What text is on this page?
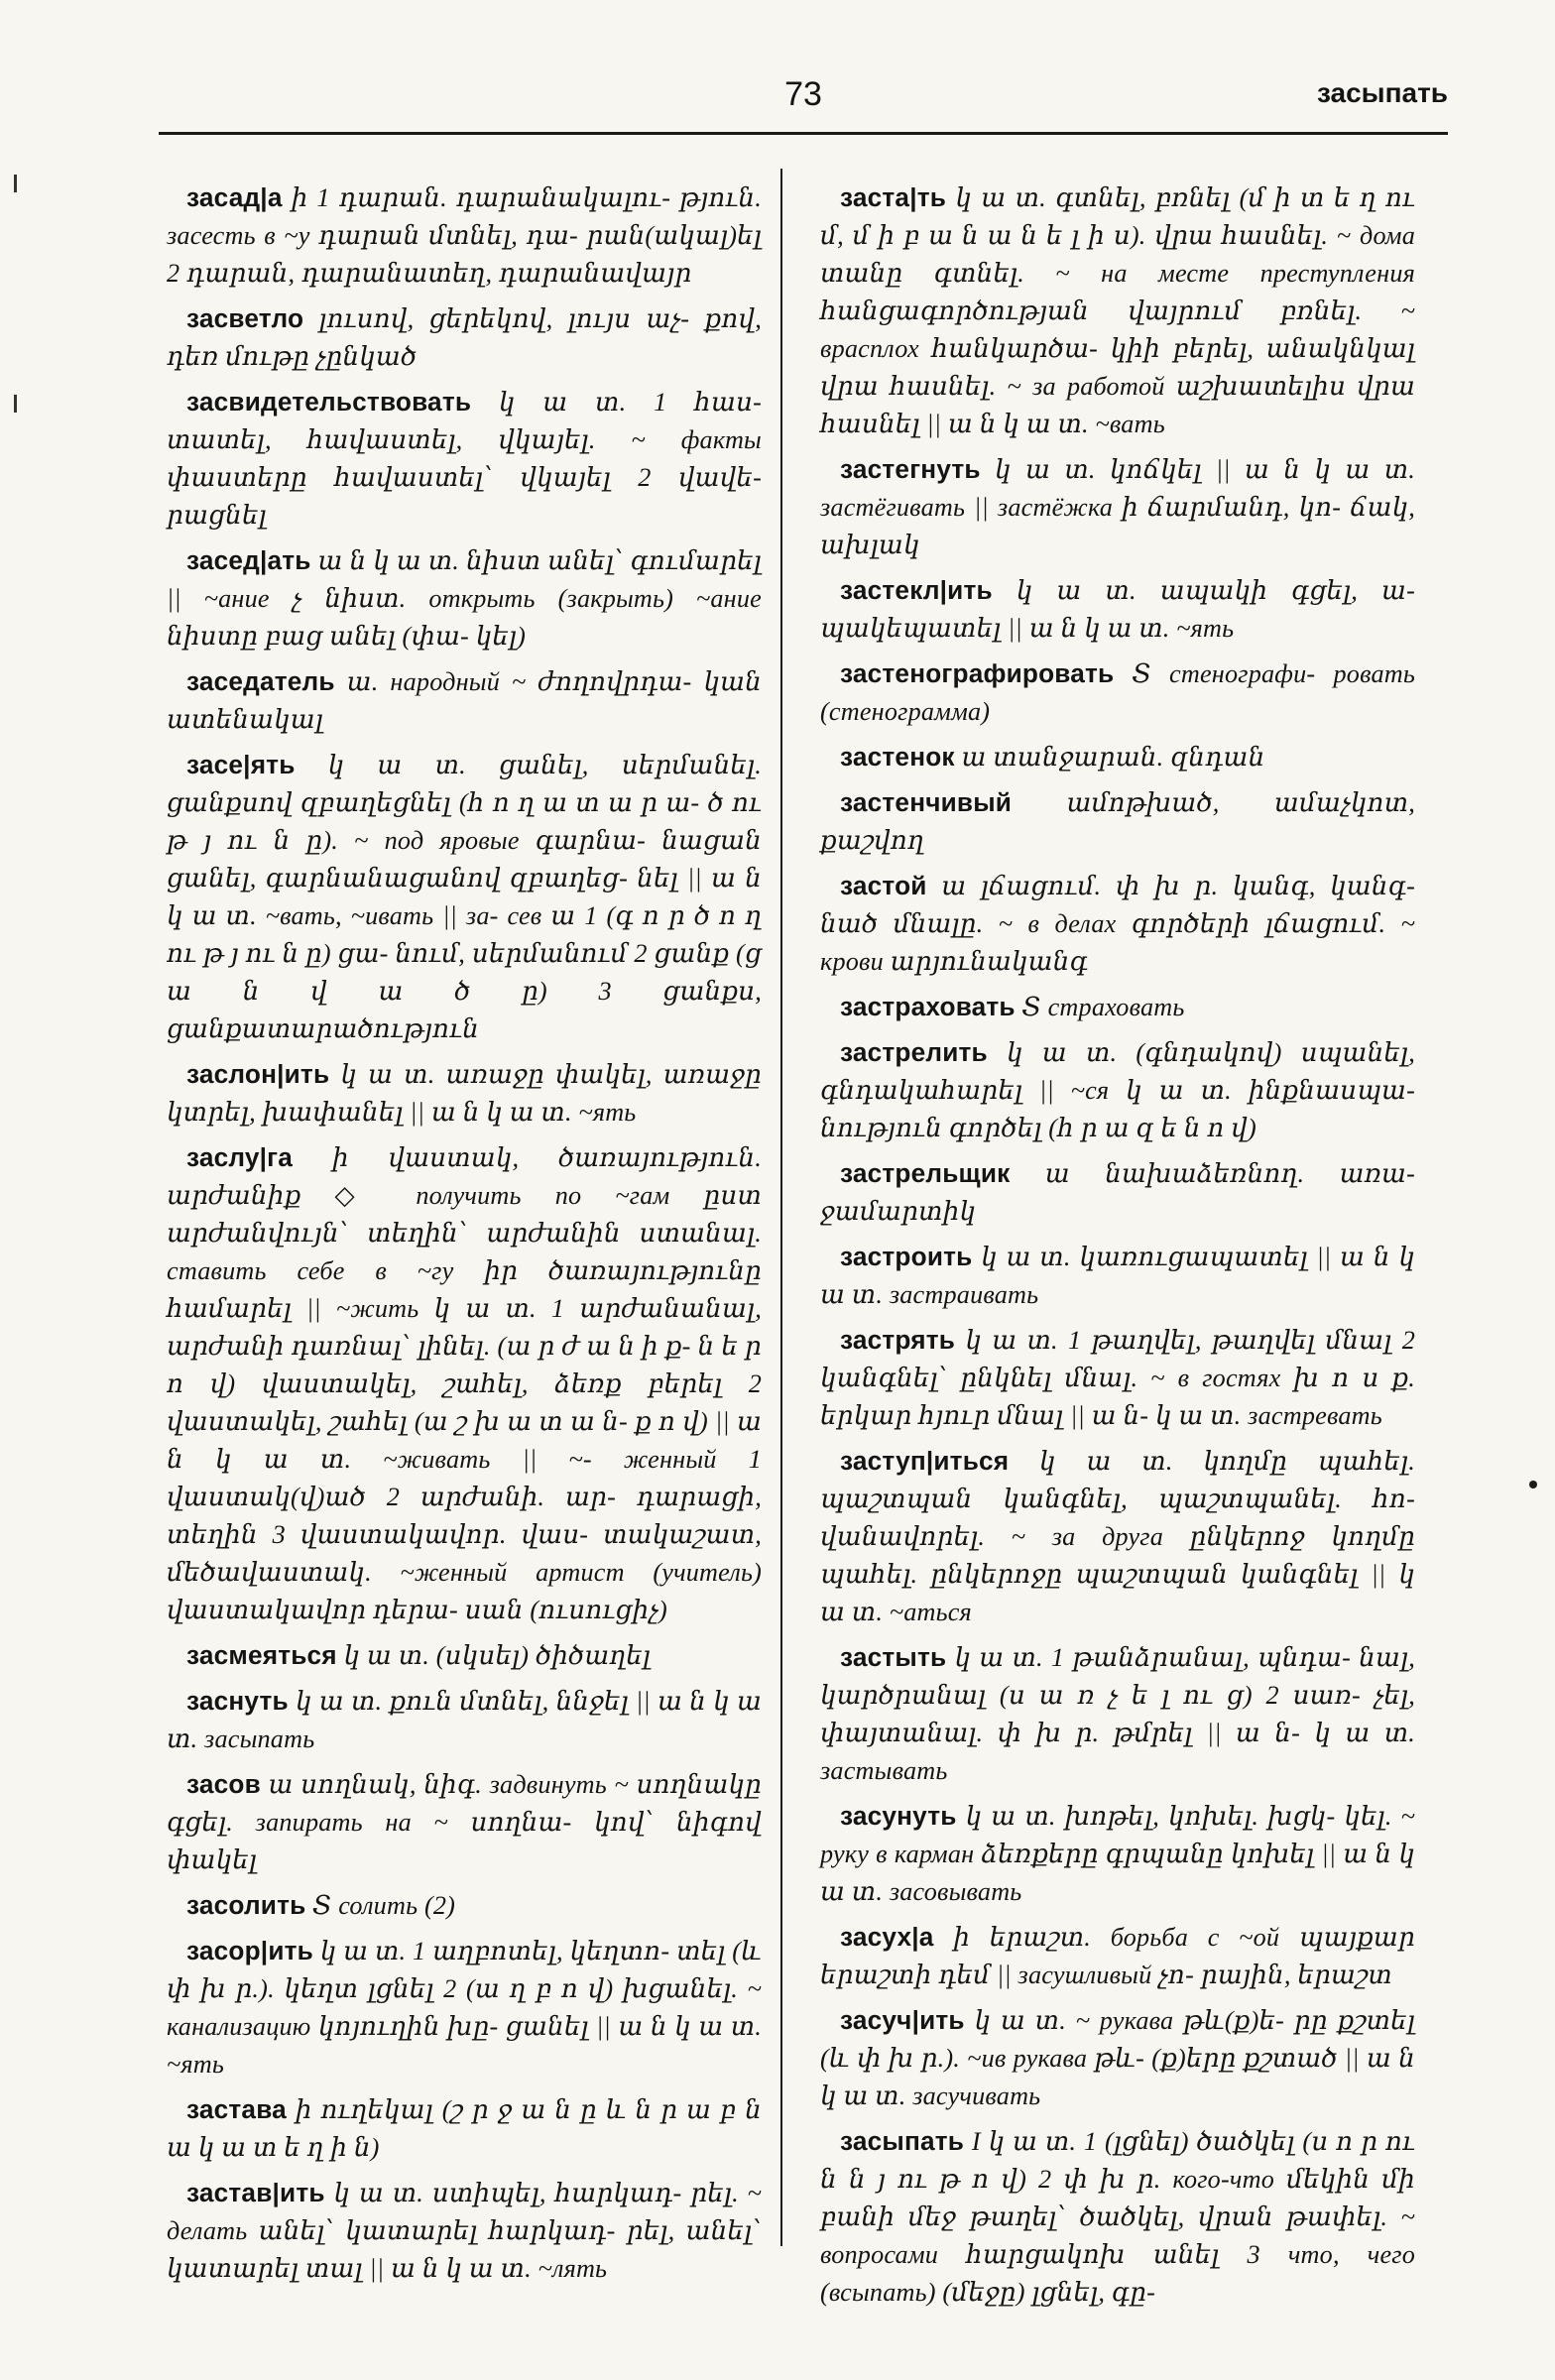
73	засыпать

засад|а ի 1 դարան. դարանակալու- թյուն. засесть в ~у դարան մտնել, դա- րան(ակալ)ել 2 դարան, դարանատեղ, դարանավայր

засветло լուսով, ցերեկով, լույս աչ- քով, դեռ մութը չընկած

засвидетельствовать կ ա տ. 1 հաս- տատել, հավաստել, վկայել. ~ факты փաստերը հավաստել՝ վկայել 2 վավե- րացնել

засед|ать ա ն կ ա տ. նիստ անել՝ գումարել || ~ание չ նիստ. открыть (закрыть) ~ание նիստը բաց անել (փա- կել)

заседатель ա. народный ~ ժողովրդա- կան ատենակալ

засе|ять կ ա տ. ցանել, սերմանել. ցանքսով զբաղեցնել (հ ո ղ ա տ ա ր ա- ծ ու թ յ ու ն ը). ~ под яровые գարնա- նացան ցանել, գարնանացանով զբաղեց- նել || ա ն կ ա տ. ~вать, ~ивать || за- сев ա 1 (գ ո ր ծ ո ղ ու թ յ ու ն ը) ցա- նում, սերմանում 2 ցանք (ց ա ն վ ա ծ ը) 3 ցանքս, ցանքատարածություն

заслон|ить կ ա տ. առաջը փակել, առաջը կտրել, խափանել || ա ն կ ա տ. ~ять

заслу|га ի վաստակ, ծառայություն. արժանիք ◇ получить по ~гам ըստ արժանվույն՝ տեղին՝ արժանին ստանալ. ставить себе в ~гу իր ծառայությունը համարել || ~жить կ ա տ. 1 արժանանալ, արժանի դառնալ՝ լինել. (ա ր ժ ա ն ի ք- ն ե ր ո վ) վաստակել, շահել, ձեռք բերել 2 վաստակել, շահել (ա շ խ ա տ ա ն- ք ո վ) || ա ն կ ա տ. ~живать || ~- женный 1 վաստակ(վ)ած 2 արժանի. ար- դարացի, տեղին 3 վաստակավոր. վաս- տակաշատ, մեծավաստակ. ~женный артист (учитель) վաստակավոր դերա- սան (ուսուցիչ)

засмеяться կ ա տ. (սկսել) ծիծաղել

заснуть կ ա տ. քուն մտնել, ննջել || ա ն կ ա տ. засыпать

засов ա սողնակ, նիգ. задвинуть ~ սողնակը գցել. запирать на ~ սողնա- կով՝ նիգով փակել

засолить Տ солить (2)

засор|ить կ ա տ. 1 աղբոտել, կեղտո- տել (և փ խ ր.). կեղտ լցնել 2 (ա ղ բ ո վ) խցանել. ~ канализацию կոյուղին խը- ցանել || ա ն կ ա տ. ~ять

застава ի ուղեկալ (շ ր ջ ա ն ը և ն ր ա բ ն ա կ ա տ ե ղ ի ն)

застав|ить կ ա տ. ստիպել, հարկադ- րել. ~ делать անել՝ կատարել հարկադ- րել, անել՝ կատարել տալ || ա ն կ ա տ. ~лять

заста|ть կ ա տ. գտնել, բռնել (մ ի տ ե ղ ու մ, մ ի բ ա ն ա ն ե լ ի ս). վրա հասնել. ~ дома տանը գտնել. ~ на месте преступления հանցագործության վայրում բռնել. ~ врасплох հանկարծա- կիի բերել, անակնկալ վրա հասնել. ~ за работой աշխատելիս վրա հասնել || ա ն կ ա տ. ~вать

застегнуть կ ա տ. կոճկել || ա ն կ ա տ. застёгивать || застёжка ի ճարմանդ, կո- ճակ, ախլակ

застекл|ить կ ա տ. ապակի գցել, ա- պակեպատել || ա ն կ ա տ. ~ять

застенографировать Տ стенографи- ровать (стенограмма)

застенок ա տանջարան. զնդան

застенчивый ամոթխած, ամաչկոտ, քաշվող

застой ա լճացում. փ խ ր. կանգ, կանգ- նած մնալը. ~ в делах գործերի լճացում. ~ крови արյունականգ

застраховать Տ страховать

застрелить կ ա տ. (գնդակով) սպանել, գնդակահարել || ~ся կ ա տ. ինքնասպա- նություն գործել (հ ր ա զ ե ն ո վ)

застрельщик ա նախաձեռնող. առա- ջամարտիկ

застроить կ ա տ. կառուցապատել || ա ն կ ա տ. застраивать

застрять կ ա տ. 1 թաղվել, թաղվել մնալ 2 կանգնել՝ ընկնել մնալ. ~ в гостях խ ո ս ք. երկար հյուր մնալ || ա ն- կ ա տ. застревать

заступ|иться կ ա տ. կողմը պահել. պաշտպան կանգնել, պաշտպանել. հո- վանավորել. ~ за друга ընկերոջ կողմը պահել. ընկերոջը պաշտպան կանգնել || կ ա տ. ~аться

застыть կ ա տ. 1 թանձրանալ, պնդա- նալ, կարծրանալ (ս ա ռ չ ե լ ու ց) 2 սառ- չել, փայտանալ. փ խ ր. թմրել || ա ն- կ ա տ. застывать

засунуть կ ա տ. խոթել, կոխել. խցկ- կել. ~ руку в карман ձեռքերը գրպանը կոխել || ա ն կ ա տ. засовывать

засух|а ի երաշտ. борьба с ~ой պայքար երաշտի դեմ || засушливый չո- րային, երաշտ

засуч|ить կ ա տ. ~ рукава թև(ք)ե- րը քշտել (և փ խ ր.). ~ив рукава թև- (ք)երը քշտած || ա ն կ ա տ. засучивать

засыпать I կ ա տ. 1 (լցնել) ծածկել (ս ո ր ու ն ն յ ու թ ո վ) 2 փ խ ր. кого-что մեկին մի բանի մեջ թաղել՝ ծածկել, վրան թափել. ~ вопросами հարցակոխ անել 3 что, чего (всыпать) (մեջը) լցնել, գը-
